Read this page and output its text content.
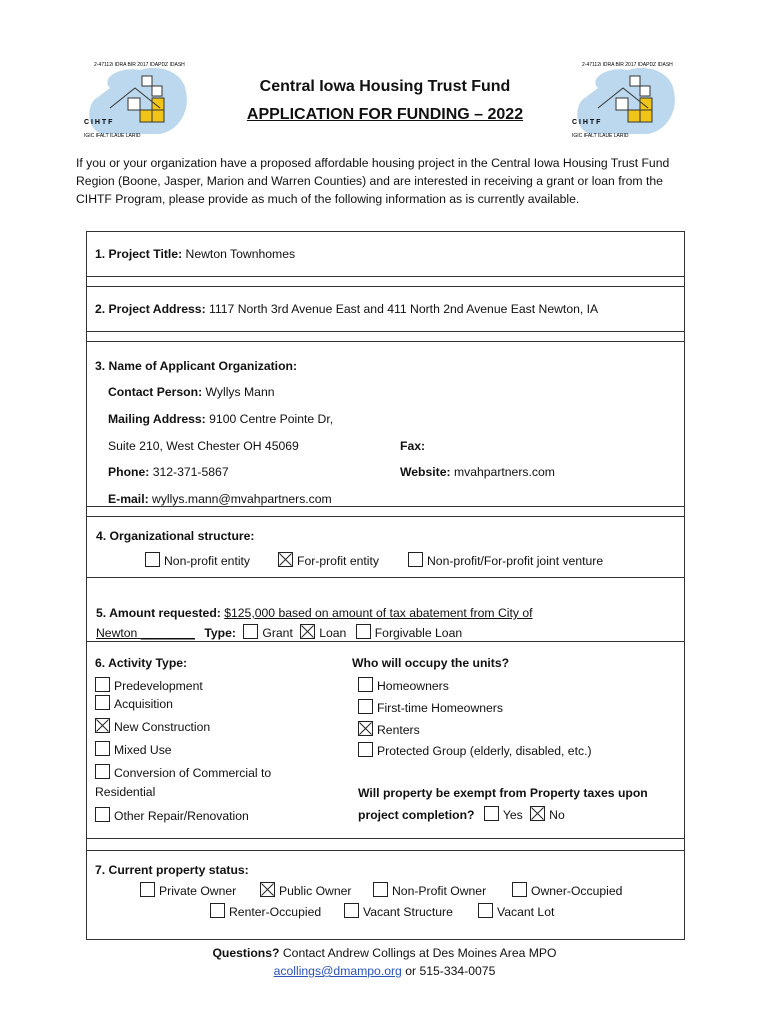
2-47112i IDRA BIR 2017 IDAPDZ IDASH
C I H T F
IGIC IFALT ILAUE LARID
2-47112i IDRA BIR 2017 IDAPDZ IDASH
C I H T F
IGIC IFALT ILAUE LARID
Central Iowa Housing Trust Fund
APPLICATION FOR FUNDING – 2022
If you or your organization have a proposed affordable housing project in the Central Iowa Housing Trust Fund Region (Boone, Jasper, Marion and Warren Counties) and are interested in receiving a grant or loan from the CIHTF Program, please provide as much of the following information as is currently available.
1. Project Title: Newton Townhomes
2. Project Address: 1117 North 3rd Avenue East and 411 North 2nd Avenue East Newton, IA
3. Name of Applicant Organization:
Contact Person: Wyllys Mann
Mailing Address: 9100 Centre Pointe Dr,
Suite 210, West Chester OH 45069	Fax:
Phone: 312-371-5867	Website: mvahpartners.com
E-mail: wyllys.mann@mvahpartners.com
4. Organizational structure:
Non-profit entity	For-profit entity	Non-profit/For-profit joint venture
5. Amount requested: $125,000 based on amount of tax abatement from City of
Newton ________ Type: Grant Loan Forgivable Loan
6. Activity Type:
Predevelopment
Acquisition
New Construction
Mixed Use
Conversion of Commercial to
Residential
Other Repair/Renovation
Who will occupy the units?
Homeowners
First-time Homeowners
Renters
Protected Group (elderly, disabled, etc.)
Will property be exempt from Property taxes upon
project completion? Yes No
7. Current property status:
Private Owner	Public Owner	Non-Profit Owner	Owner-Occupied
Renter-Occupied	Vacant Structure	Vacant Lot
Questions? Contact Andrew Collings at Des Moines Area MPO
acollings@dmampo.org or 515-334-0075
